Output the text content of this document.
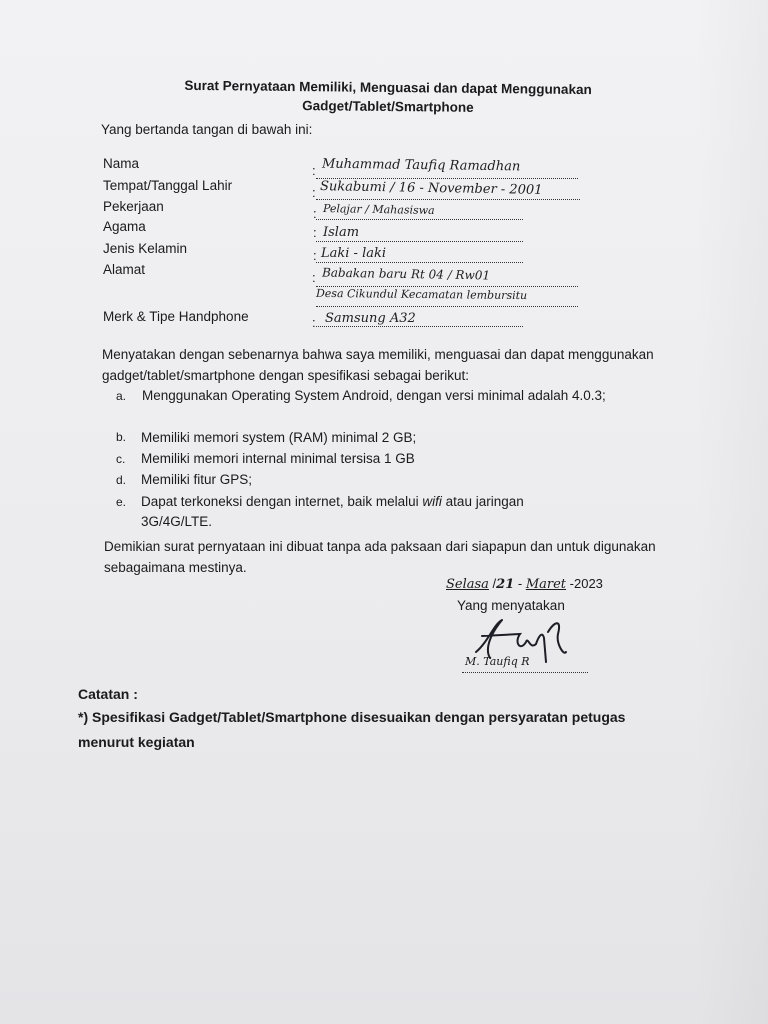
Surat Pernyataan Memiliki, Menguasai dan dapat Menggunakan
Gadget/Tablet/Smartphone
Yang bertanda tangan di bawah ini:
Nama	: Muhammad Taufiq Ramadhan
Tempat/Tanggal Lahir	: Sukabumi / 16 - November - 2001
Pekerjaan	: Pelajar / Mahasiswa
Agama	: Islam
Jenis Kelamin	: Laki - laki
Alamat
: Babakan baru Rt 04 / Rw01
Desa Cikundul Kecamatan lembursitu
Merk & Tipe Handphone	: Samsung A32
Menyatakan dengan sebenarnya bahwa saya memiliki, menguasai dan dapat menggunakan gadget/tablet/smartphone dengan spesifikasi sebagai berikut:
a. Menggunakan Operating System Android, dengan versi minimal adalah 4.0.3;
b. Memiliki memori system (RAM) minimal 2 GB;
c. Memiliki memori internal minimal tersisa 1 GB
d. Memiliki fitur GPS;
e. Dapat terkoneksi dengan internet, baik melalui wifi atau jaringan
3G/4G/LTE.
Demikian surat pernyataan ini dibuat tanpa ada paksaan dari siapapun dan untuk digunakan sebagaimana mestinya.
Selasa /21 - Maret -2023
Yang menyatakan
M. Taufiq R
Catatan :
*) Spesifikasi Gadget/Tablet/Smartphone disesuaikan dengan persyaratan petugas menurut kegiatan
